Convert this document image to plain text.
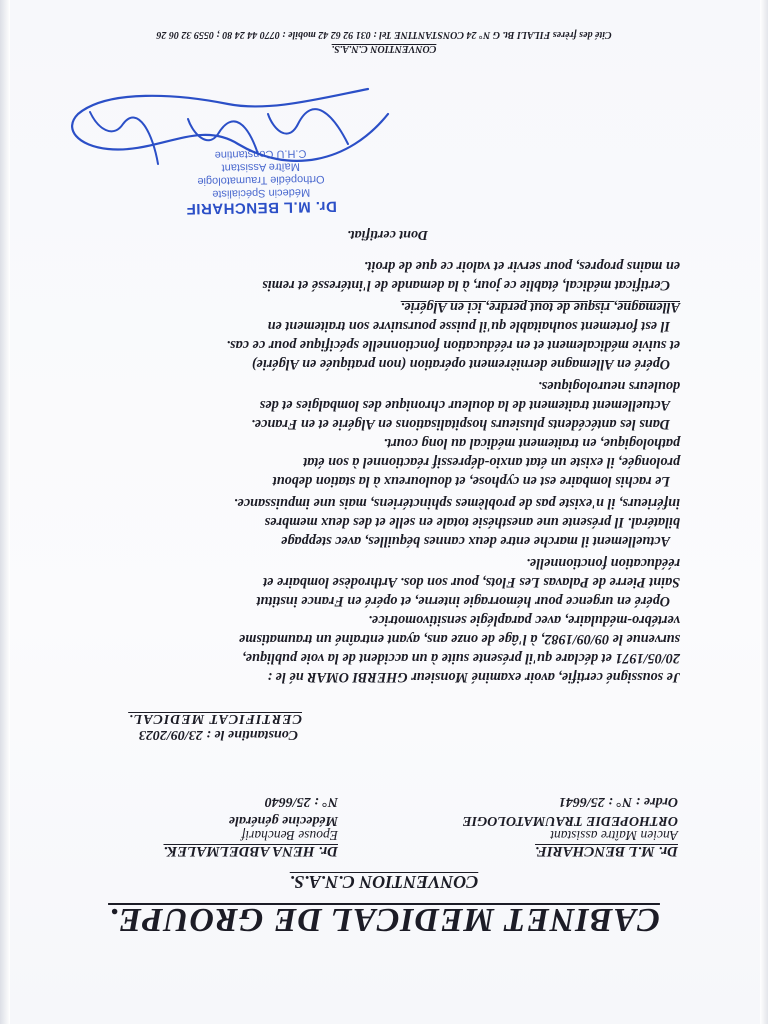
CABINET MEDICAL DE GROUPE.
CONVENTION C.N.A.S.
Dr. M.L BENCHARIF.
Ancien Maître assistant
ORTHOPEDIE TRAUMATOLOGIE
Ordre : N° : 25/6641
Dr. HENA ABDELMALEK.
Epouse Bencharif
Médecine générale
N° : 25/6640
Constantine le : 23/09/2023
CERTIFICAT MEDICAL.

Je soussigné certifie, avoir examiné Monsieur GHERBI OMAR né le :

20/05/1971 et déclare qu'il présente suite à un accident de la voie publique,

survenue le 09/09/1982, à l'âge de onze ans, ayant entraîné un traumatisme

vertébro-médulaire, avec paraplégie sensitivomotrice.

Opéré en urgence pour hémorragie interne, et opéré en France institut

Saint Pierre de Palavas Les Flots, pour son dos. Arthrodèse lombaire et

rééducation fonctionnelle.

Actuellement il marche entre deux cannes béquilles, avec steppage

bilatéral. Il présente une anesthésie totale en selle et des deux membres

inférieurs, il n'existe pas de problèmes sphinctériens, mais une impuissance.

Le rachis lombaire est en cyphose, et douloureux à la station debout

prolongée, il existe un état anxio-dépressif réactionnel à son état

pathologique, en traitement médical au long court.

Dans les antécédents plusieurs hospitalisations en Algérie et en France.

Actuellement traitement de la douleur chronique des lombalgies et des

douleurs neurologiques.

Opéré en Allemagne dernièrement opération (non pratiquée en Algérie)

et suivie médicalement et en rééducation fonctionnelle spécifique pour ce cas.

Il est fortement souhaitable qu'il puisse poursuivre son traitement en

Allemagne, risque de tout perdre, ici en Algérie.

Certificat médical, établie ce jour, à la demande de l'intéressé et remis

en mains propres, pour servir et valoir ce que de droit.

Dont certifiat.
Dr. M.L BENCHARIF
Médecin Spécialiste
Orthopédie Traumatologie
Maître Assistant
C.H.U Constantine
CONVENTION C.N.A.S.
Cité des frères FILALI Bt. G N° 24 CONSTANTINE Tel : 031 92 62 42 mobile : 0770 44 24 80 ; 0559 32 06 26
